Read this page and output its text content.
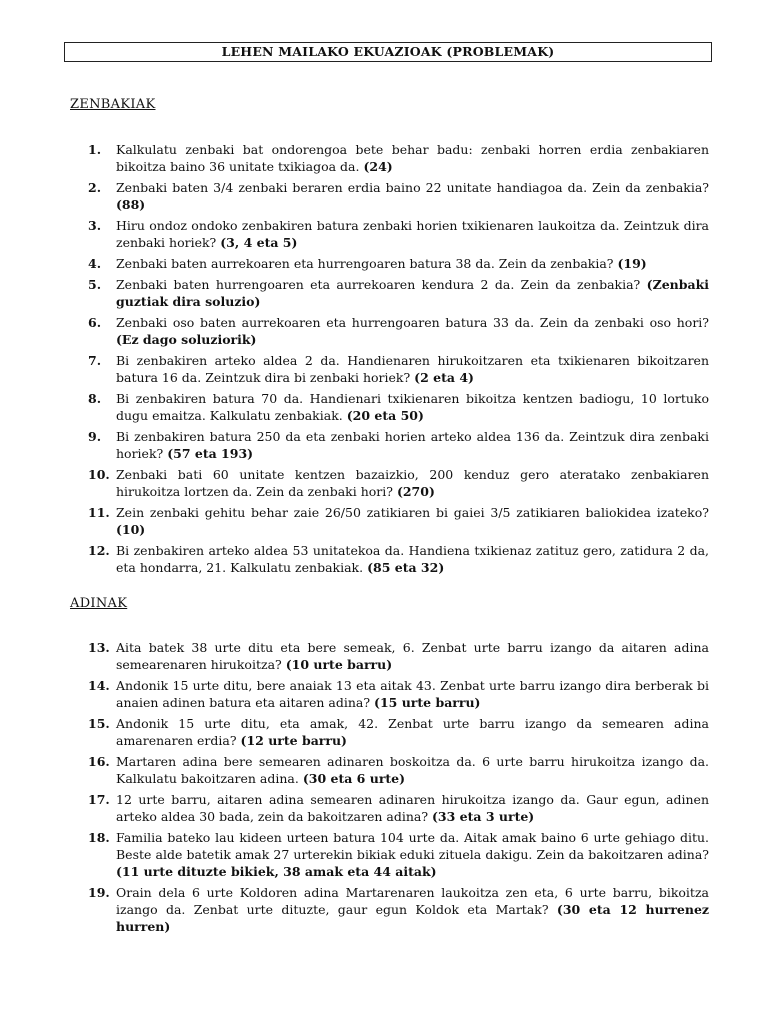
LEHEN MAILAKO EKUAZIOAK (PROBLEMAK)
ZENBAKIAK
1. Kalkulatu zenbaki bat ondorengoa bete behar badu: zenbaki horren erdia zenbakiaren bikoitza baino 36 unitate txikiagoa da. (24)
2. Zenbaki baten 3/4 zenbaki beraren erdia baino 22 unitate handiagoa da. Zein da zenbakia? (88)
3. Hiru ondoz ondoko zenbakiren batura zenbaki horien txikienaren laukoitza da. Zeintzuk dira zenbaki horiek? (3, 4 eta 5)
4. Zenbaki baten aurrekoaren eta hurrengoaren batura 38 da. Zein da zenbakia? (19)
5. Zenbaki baten hurrengoaren eta aurrekoaren kendura 2 da. Zein da zenbakia? (Zenbaki guztiak dira soluzio)
6. Zenbaki oso baten aurrekoaren eta hurrengoaren batura 33 da. Zein da zenbaki oso hori? (Ez dago soluziorik)
7. Bi zenbakiren arteko aldea 2 da. Handienaren hirukoitzaren eta txikienaren bikoitzaren batura 16 da. Zeintzuk dira bi zenbaki horiek? (2 eta 4)
8. Bi zenbakiren batura 70 da. Handienari txikienaren bikoitza kentzen badiogu, 10 lortuko dugu emaitza. Kalkulatu zenbakiak. (20 eta 50)
9. Bi zenbakiren batura 250 da eta zenbaki horien arteko aldea 136 da. Zeintzuk dira zenbaki horiek? (57 eta 193)
10. Zenbaki bati 60 unitate kentzen bazaizkio, 200 kenduz gero ateratako zenbakiaren hirukoitza lortzen da. Zein da zenbaki hori? (270)
11. Zein zenbaki gehitu behar zaie 26/50 zatikiaren bi gaiei 3/5 zatikiaren baliokidea izateko? (10)
12. Bi zenbakiren arteko aldea 53 unitatekoa da. Handiena txikienaz zatituz gero, zatidura 2 da, eta hondarra, 21. Kalkulatu zenbakiak. (85 eta 32)
ADINAK
13. Aita batek 38 urte ditu eta bere semeak, 6. Zenbat urte barru izango da aitaren adina semearenaren hirukoitza? (10 urte barru)
14. Andonik 15 urte ditu, bere anaiak 13 eta aitak 43. Zenbat urte barru izango dira berberak bi anaien adinen batura eta aitaren adina? (15 urte barru)
15. Andonik 15 urte ditu, eta amak, 42. Zenbat urte barru izango da semearen adina amarenaren erdia? (12 urte barru)
16. Martaren adina bere semearen adinaren boskoitza da. 6 urte barru hirukoitza izango da. Kalkulatu bakoitzaren adina. (30 eta 6 urte)
17. 12 urte barru, aitaren adina semearen adinaren hirukoitza izango da. Gaur egun, adinen arteko aldea 30 bada, zein da bakoitzaren adina? (33 eta 3 urte)
18. Familia bateko lau kideen urteen batura 104 urte da. Aitak amak baino 6 urte gehiago ditu. Beste alde batetik amak 27 urterekin bikiak eduki zituela dakigu. Zein da bakoitzaren adina? (11 urte dituzte bikiek, 38 amak eta 44 aitak)
19. Orain dela 6 urte Koldoren adina Martarenaren laukoitza zen eta, 6 urte barru, bikoitza izango da. Zenbat urte dituzte, gaur egun Koldok eta Martak? (30 eta 12 hurrenez hurren)
